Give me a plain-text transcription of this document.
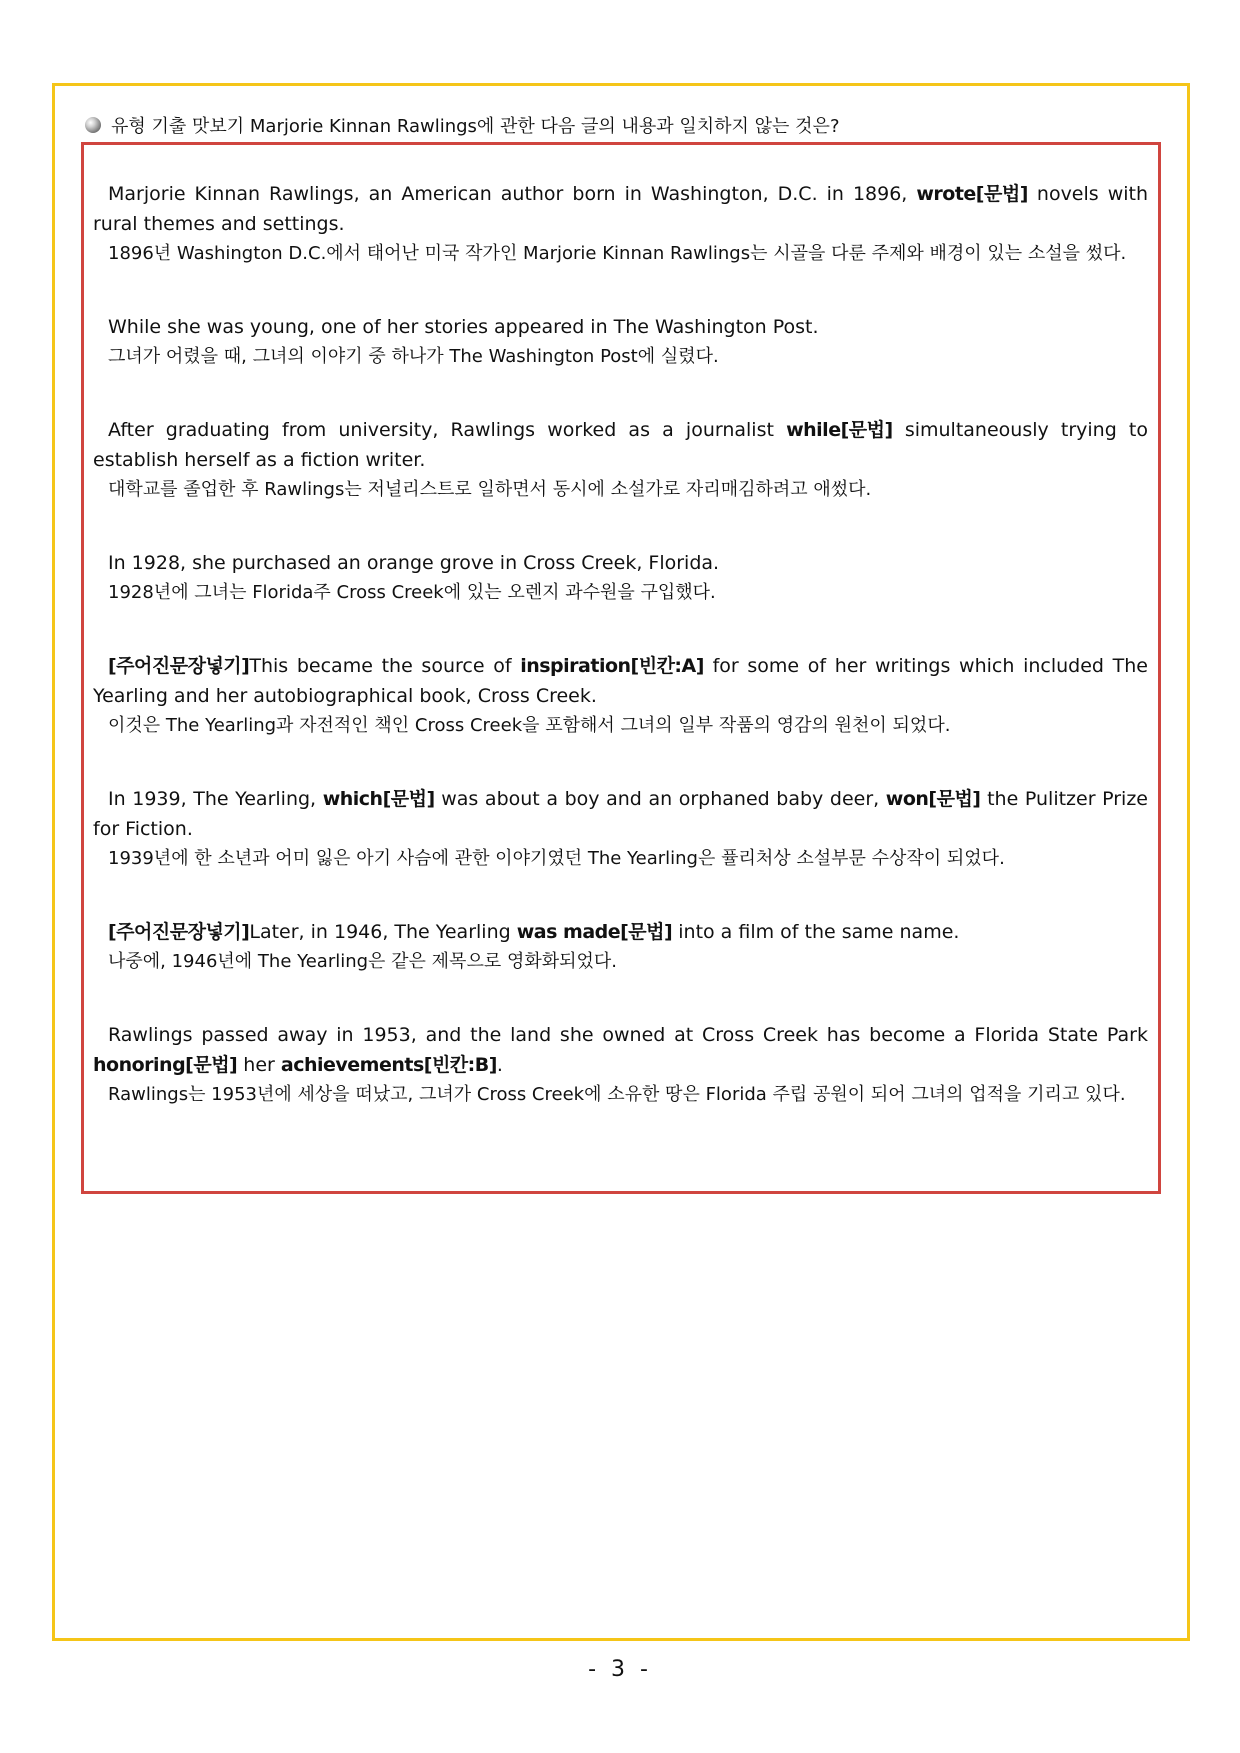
유형 기출 맛보기 Marjorie Kinnan Rawlings에 관한 다음 글의 내용과 일치하지 않는 것은?

Marjorie Kinnan Rawlings, an American author born in Washington, D.C. in 1896, wrote[문법] novels with rural themes and settings.

1896년 Washington D.C.에서 태어난 미국 작가인 Marjorie Kinnan Rawlings는 시골을 다룬 주제와 배경이 있는 소설을 썼다.

While she was young, one of her stories appeared in The Washington Post.

그녀가 어렸을 때, 그녀의 이야기 중 하나가 The Washington Post에 실렸다.

After graduating from university, Rawlings worked as a journalist while[문법] simultaneously trying to establish herself as a fiction writer.

대학교를 졸업한 후 Rawlings는 저널리스트로 일하면서 동시에 소설가로 자리매김하려고 애썼다.

In 1928, she purchased an orange grove in Cross Creek, Florida.

1928년에 그녀는 Florida주 Cross Creek에 있는 오렌지 과수원을 구입했다.

[주어진문장넣기]This became the source of inspiration[빈칸:A] for some of her writings which included The Yearling and her autobiographical book, Cross Creek.

이것은 The Yearling과 자전적인 책인 Cross Creek을 포함해서 그녀의 일부 작품의 영감의 원천이 되었다.

In 1939, The Yearling, which[문법] was about a boy and an orphaned baby deer, won[문법] the Pulitzer Prize for Fiction.

1939년에 한 소년과 어미 잃은 아기 사슴에 관한 이야기였던 The Yearling은 퓰리처상 소설부문 수상작이 되었다.

[주어진문장넣기]Later, in 1946, The Yearling was made[문법] into a film of the same name.

나중에, 1946년에 The Yearling은 같은 제목으로 영화화되었다.

Rawlings passed away in 1953, and the land she owned at Cross Creek has become a Florida State Park honoring[문법] her achievements[빈칸:B].

Rawlings는 1953년에 세상을 떠났고, 그녀가 Cross Creek에 소유한 땅은 Florida 주립 공원이 되어 그녀의 업적을 기리고 있다.

- 3 -
